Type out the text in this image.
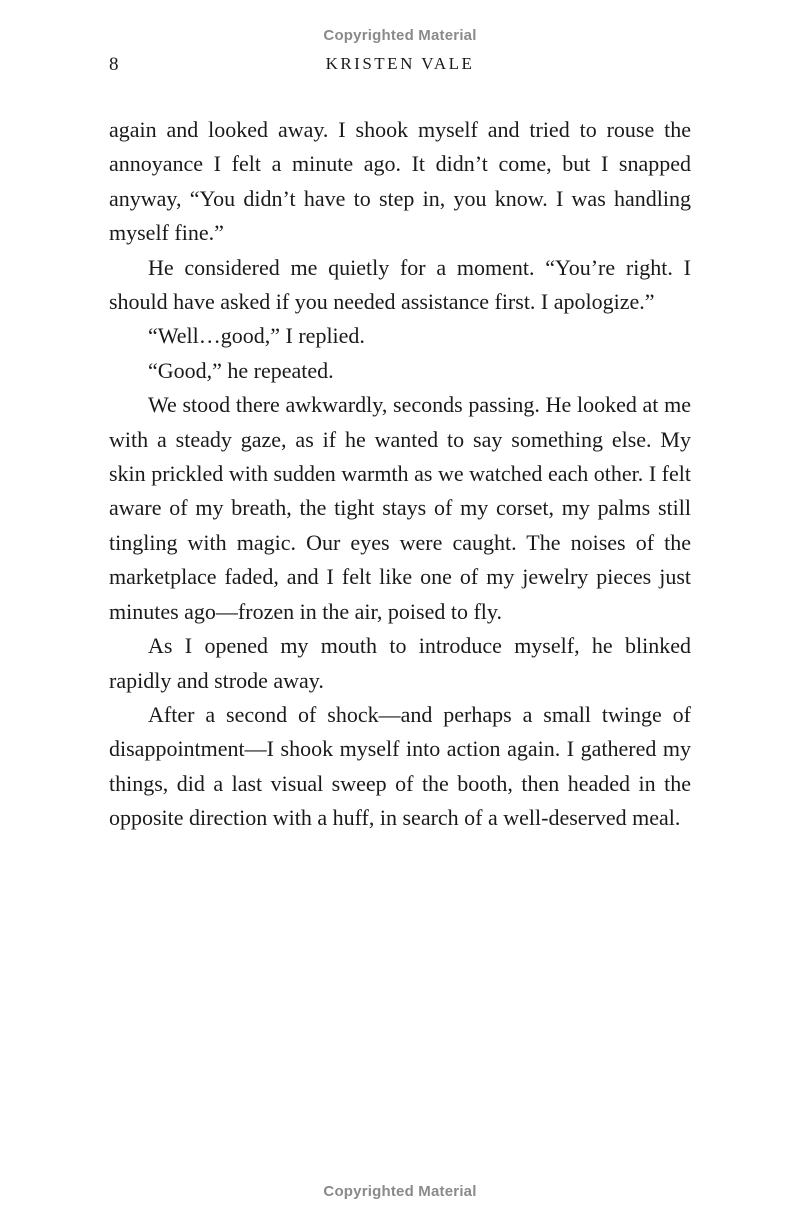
Copyrighted Material
8	KRISTEN VALE

again and looked away. I shook myself and tried to rouse the annoyance I felt a minute ago. It didn’t come, but I snapped anyway, “You didn’t have to step in, you know. I was handling myself fine.”

He considered me quietly for a moment. “You’re right. I should have asked if you needed assistance first. I apologize.”

“Well…good,” I replied.

“Good,” he repeated.

We stood there awkwardly, seconds passing. He looked at me with a steady gaze, as if he wanted to say something else. My skin prickled with sudden warmth as we watched each other. I felt aware of my breath, the tight stays of my corset, my palms still tingling with magic. Our eyes were caught. The noises of the marketplace faded, and I felt like one of my jewelry pieces just minutes ago—frozen in the air, poised to fly.

As I opened my mouth to introduce myself, he blinked rapidly and strode away.

After a second of shock—and perhaps a small twinge of disappointment—I shook myself into action again. I gathered my things, did a last visual sweep of the booth, then headed in the opposite direction with a huff, in search of a well-deserved meal.

Copyrighted Material
